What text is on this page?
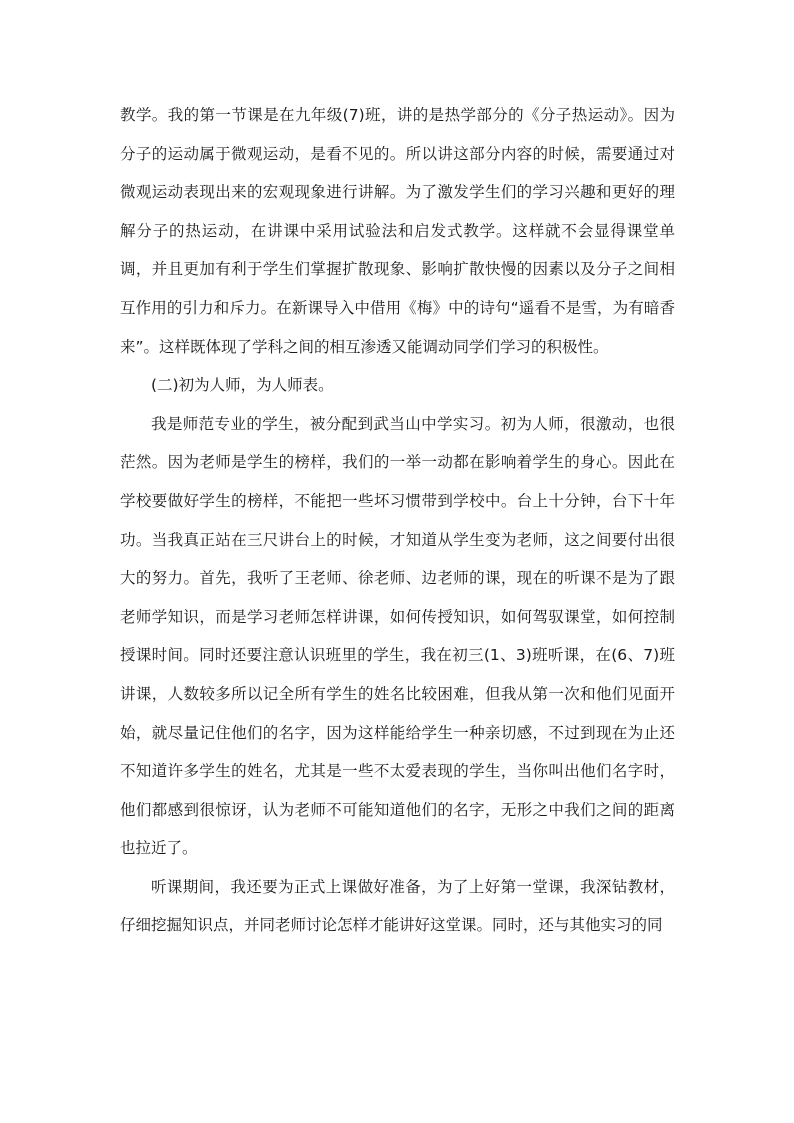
教学。我的第一节课是在九年级(7)班，讲的是热学部分的《分子热运动》。因为分子的运动属于微观运动，是看不见的。所以讲这部分内容的时候，需要通过对微观运动表现出来的宏观现象进行讲解。为了激发学生们的学习兴趣和更好的理解分子的热运动，在讲课中采用试验法和启发式教学。这样就不会显得课堂单调，并且更加有利于学生们掌握扩散现象、影响扩散快慢的因素以及分子之间相互作用的引力和斥力。在新课导入中借用《梅》中的诗句“遥看不是雪，为有暗香来”。这样既体现了学科之间的相互渗透又能调动同学们学习的积极性。

(二)初为人师，为人师表。

我是师范专业的学生，被分配到武当山中学实习。初为人师，很激动，也很茫然。因为老师是学生的榜样，我们的一举一动都在影响着学生的身心。因此在学校要做好学生的榜样，不能把一些坏习惯带到学校中。台上十分钟，台下十年功。当我真正站在三尺讲台上的时候，才知道从学生变为老师，这之间要付出很大的努力。首先，我听了王老师、徐老师、边老师的课，现在的听课不是为了跟老师学知识，而是学习老师怎样讲课，如何传授知识，如何驾驭课堂，如何控制授课时间。同时还要注意认识班里的学生，我在初三(1、3)班听课，在(6、7)班讲课，人数较多所以记全所有学生的姓名比较困难，但我从第一次和他们见面开始，就尽量记住他们的名字，因为这样能给学生一种亲切感，不过到现在为止还不知道许多学生的姓名，尤其是一些不太爱表现的学生，当你叫出他们名字时，他们都感到很惊讶，认为老师不可能知道他们的名字，无形之中我们之间的距离也拉近了。

听课期间，我还要为正式上课做好准备，为了上好第一堂课，我深钻教材，仔细挖掘知识点，并同老师讨论怎样才能讲好这堂课。同时，还与其他实习的同
